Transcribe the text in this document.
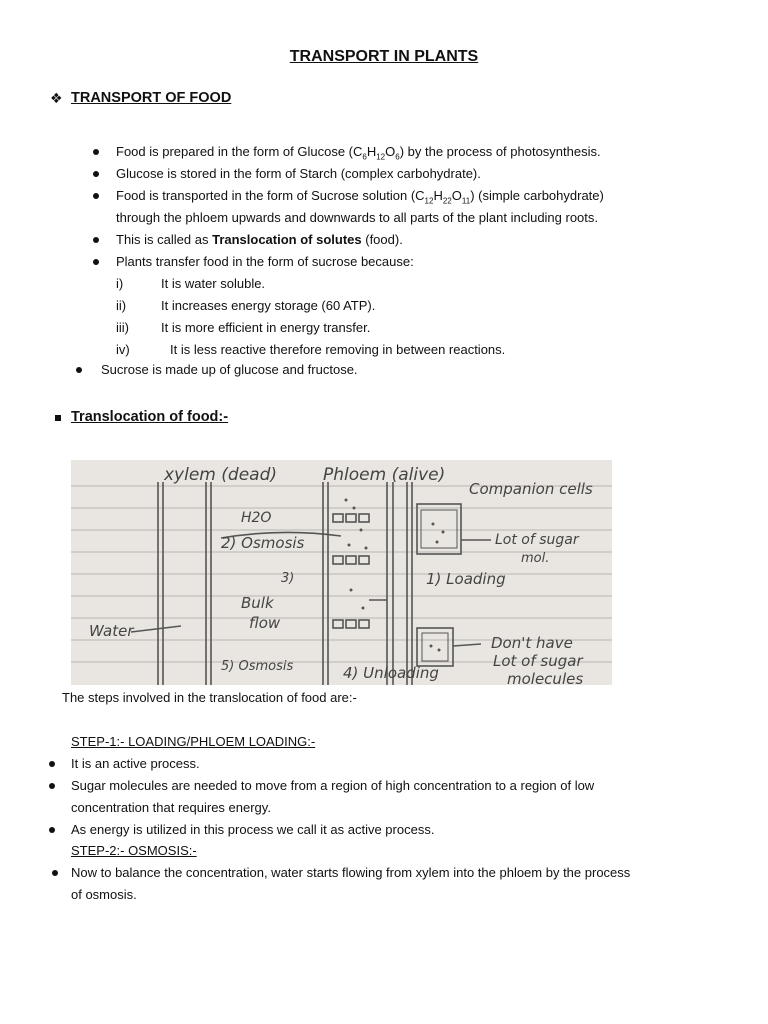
TRANSPORT IN PLANTS
❖ TRANSPORT OF FOOD
Food is prepared in the form of Glucose $(C_6H_{12}O_6)$ by the process of photosynthesis.
Glucose is stored in the form of Starch (complex carbohydrate).
Food is transported in the form of Sucrose solution $(C_{12}H_{22}O_{11})$ (simple carbohydrate)
through the phloem upwards and downwards to all parts of the plant including roots.
This is called as Translocation of solutes (food).
Plants transfer food in the form of sucrose because:
i)	It is water soluble.
ii)	It increases energy storage (60 ATP).
iii) It is more efficient in energy transfer.
iv)	It is less reactive therefore removing in between reactions.
Sucrose is made up of glucose and fructose.
Translocation of food:-
xylem (dead)	Phloem (alive)
Companion cells
H2O
2) Osmosis	Lot of sugar
mol.
1) Loading
3)
Bulk
flow
Water
5) Osmosis	4) Unloading
Don't have
Lot of sugar
molecules
The steps involved in the translocation of food are:-
STEP-1:- LOADING/PHLOEM LOADING:-
It is an active process.
Sugar molecules are needed to move from a region of high concentration to a region of low
concentration that requires energy.
As energy is utilized in this process we call it as active process.
STEP-2:- OSMOSIS:-
Now to balance the concentration, water starts flowing from xylem into the phloem by the process
of osmosis.
